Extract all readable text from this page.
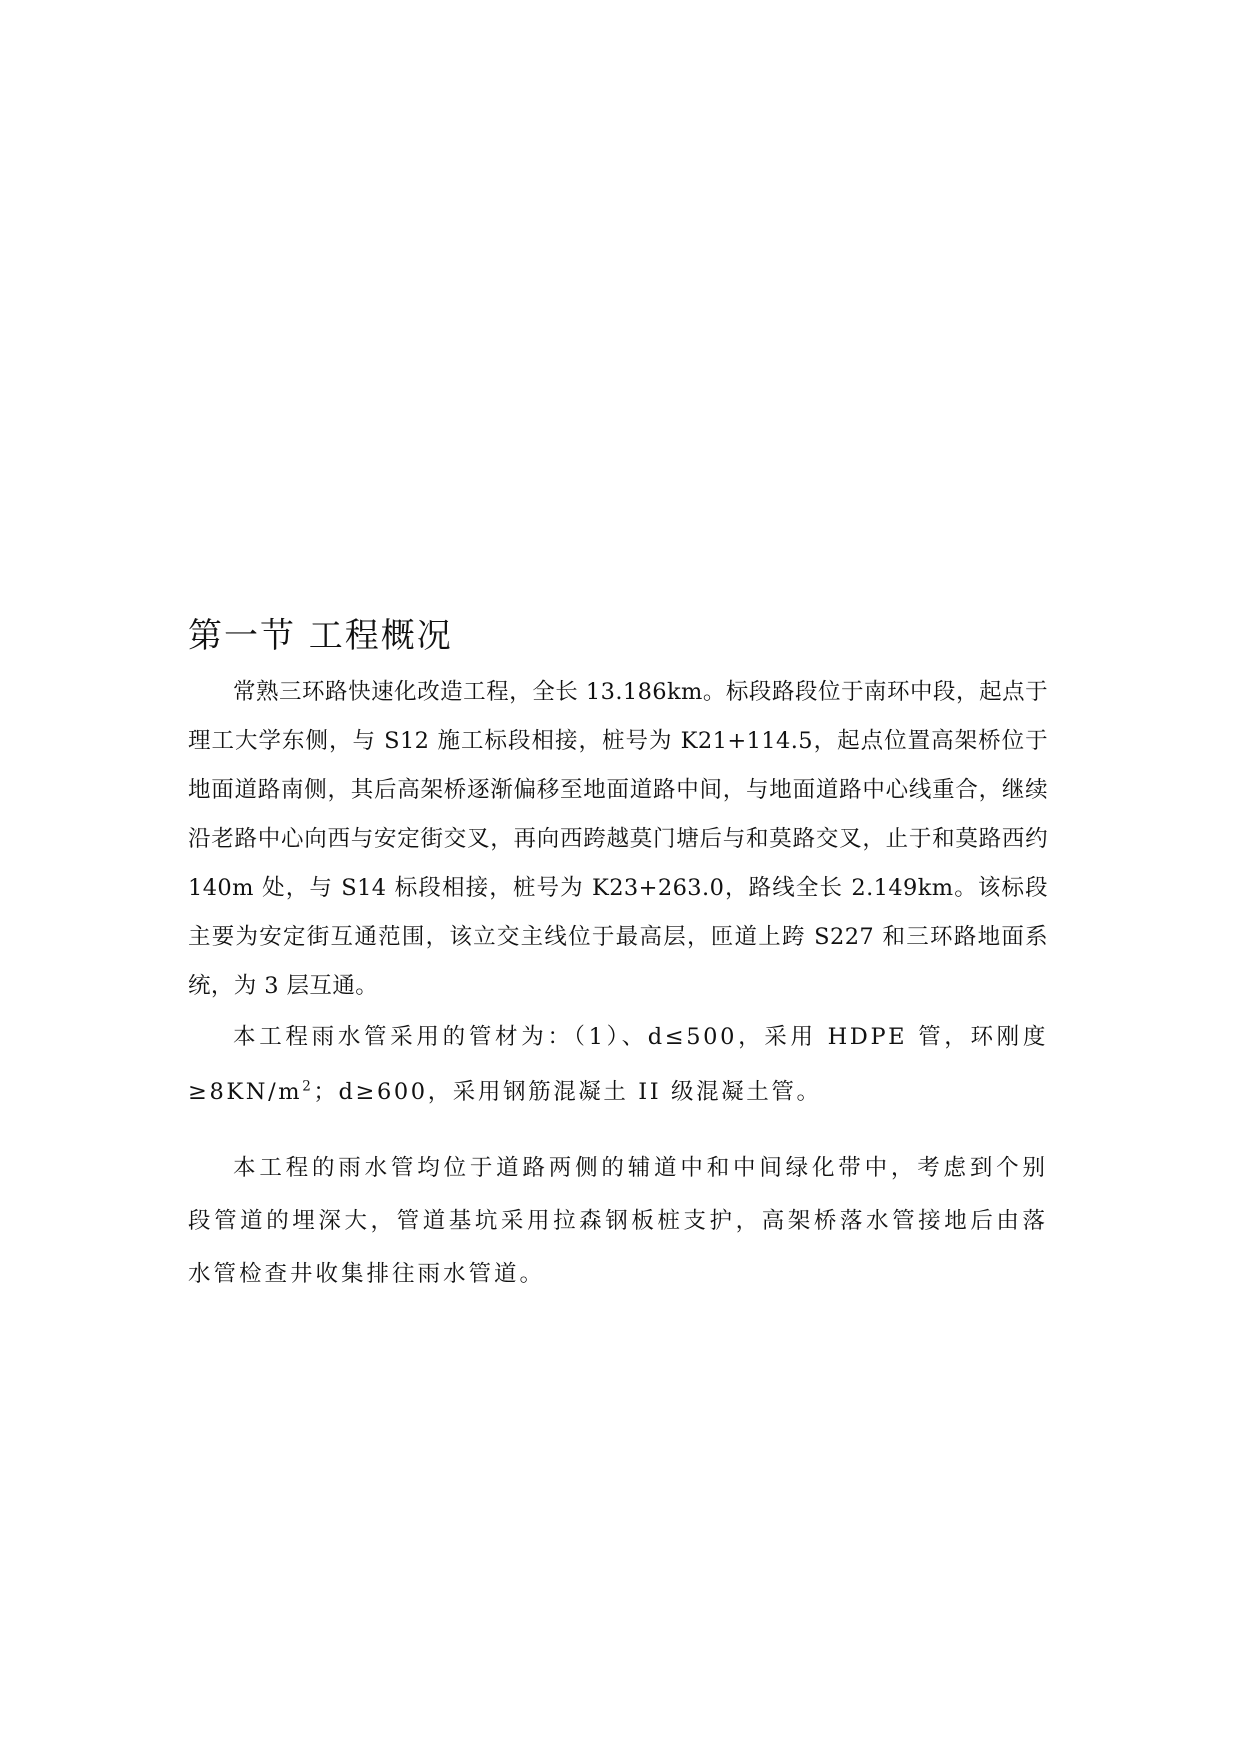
第一节 工程概况

常熟三环路快速化改造工程，全长 13.186km。标段路段位于南环中段，起点于理工大学东侧，与 S12 施工标段相接，桩号为 K21+114.5，起点位置高架桥位于地面道路南侧，其后高架桥逐渐偏移至地面道路中间，与地面道路中心线重合，继续沿老路中心向西与安定街交叉，再向西跨越莫门塘后与和莫路交叉，止于和莫路西约 140m 处，与 S14 标段相接，桩号为 K23+263.0，路线全长 2.149km。该标段主要为安定街互通范围，该立交主线位于最高层，匝道上跨 S227 和三环路地面系统，为 3 层互通。

本工程雨水管采用的管材为：（1）、d≤500，采用 HDPE 管，环刚度$\ge 8KN/m^2$；d≥600，采用钢筋混凝土 II 级混凝土管。

本工程的雨水管均位于道路两侧的辅道中和中间绿化带中，考虑到个别段管道的埋深大，管道基坑采用拉森钢板桩支护，高架桥落水管接地后由落水管检查井收集排往雨水管道。
